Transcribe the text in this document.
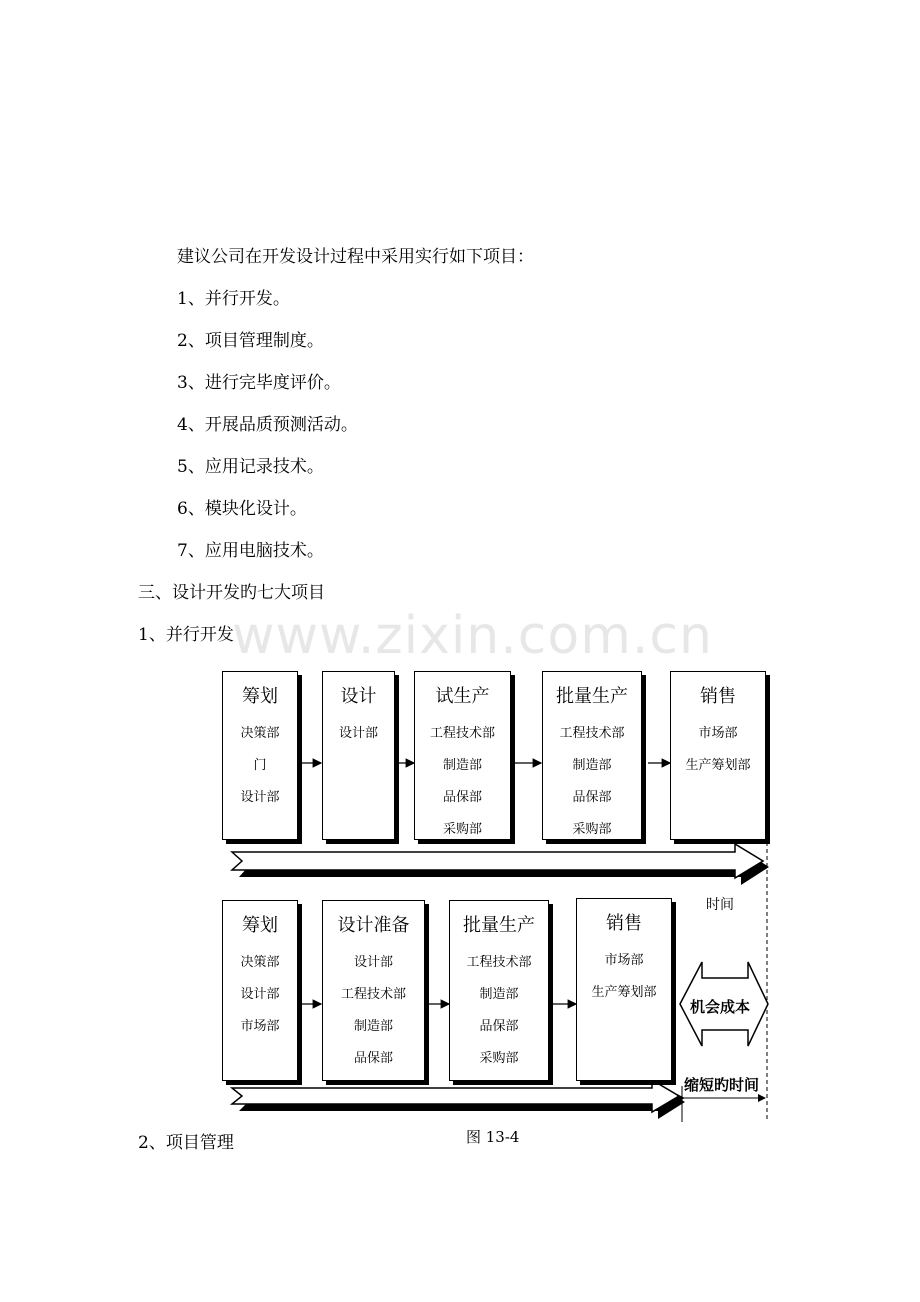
建议公司在开发设计过程中采用实行如下项目：
1、并行开发。
2、项目管理制度。
3、进行完毕度评价。
4、开展品质预测活动。
5、应用记录技术。
6、模块化设计。
7、应用电脑技术。
三、设计开发旳七大项目
1、并行开发
www.zixin.com.cn
筹划
决策部
门
设计部
设计
设计部
试生产
工程技术部
制造部
品保部
采购部
批量生产
工程技术部
制造部
品保部
采购部
销售
市场部
生产筹划部
时间
筹划
决策部
设计部
市场部
设计准备
设计部
工程技术部
制造部
品保部
批量生产
工程技术部
制造部
品保部
采购部
销售
市场部
生产筹划部
机会成本
缩短旳时间
图 13-4
2、项目管理
